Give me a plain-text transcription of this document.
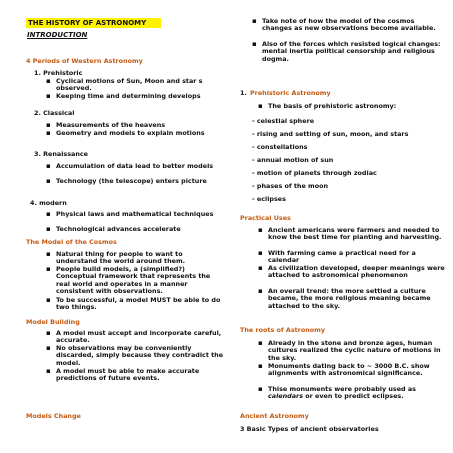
THE HISTORY OF ASTRONOMY
INTRODUCTION
4 Periods of Western Astronomy
1. Prehistoric
▪ Cyclical motions of Sun, Moon and star s observed.
▪ Keeping time and determining develops
2. Classical
▪ Measurements of the heavens
▪ Geometry and models to explain motions
3. Renaissance
▪ Accumulation of data lead to better models
▪ Technology (the telescope) enters picture
4. modern
▪ Physical laws and mathematical techniques
▪ Technological advances accelerate
The Model of the Cosmos
▪ Natural thing for people to want to understand the world around them.
▪ People build models, a (simplified?) Conceptual framework that represents the real world and operates in a manner consistent with observations.
▪ To be successful, a model MUST be able to do two things.
Model Building
▪ A model must accept and incorporate careful, accurate.
▪ No observations may be conveniently discarded, simply because they contradict the model.
▪ A model must be able to make accurate predictions of future events.
Models Change
▪ Take note of how the model of the cosmos changes as new observations become available.
▪ Also of the forces which resisted logical changes: mental inertia political censorship and religious dogma.
1. Prehistoric Astronomy
▪ The basis of prehistoric astronomy:
- celestial sphere
- rising and setting of sun, moon, and stars
- constellations
- annual motion of sun
- motion of planets through zodiac
- phases of the moon
- eclipses
Practical Uses
▪ Ancient americans were farmers and needed to know the best time for planting and harvesting.
▪ With farming came a practical need for a calendar
▪ As civilization developed, deeper meanings were attached to astronomical phenomenon
▪ An overall trend: the more settled a culture became, the more religious meaning became attached to the sky.
The roots of Astronomy
▪ Already in the stone and bronze ages, human cultures realized the cyclic nature of motions in the sky.
▪ Monuments dating back to ~ 3000 B.C. show alignments with astronomical significance.
▪ Thise monuments were probably used as calendars or even to predict eclipses.
Ancient Astronomy
3 Basic Types of ancient observatories
